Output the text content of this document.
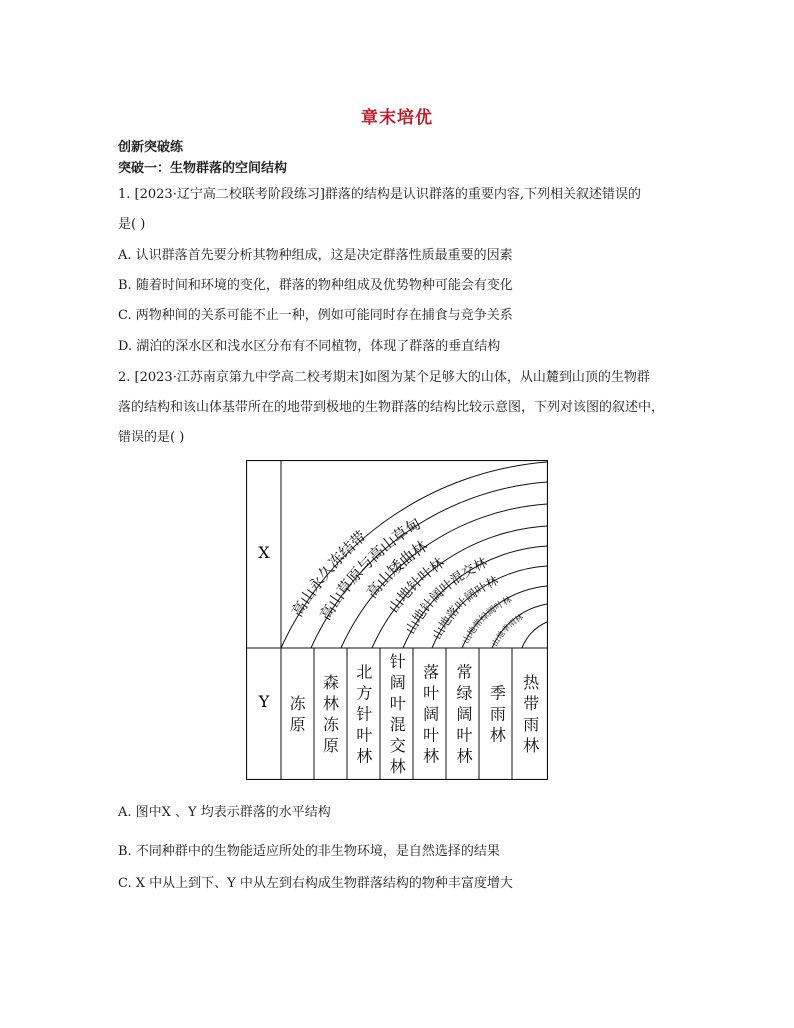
章末培优
创新突破练
突破一：生物群落的空间结构
1. [2023·辽宁高二校联考阶段练习]群落的结构是认识群落的重要内容,下列相关叙述错误的
是( )
A. 认识群落首先要分析其物种组成，这是决定群落性质最重要的因素
B. 随着时间和环境的变化，群落的物种组成及优势物种可能会有变化
C. 两物种间的关系可能不止一种，例如可能同时存在捕食与竞争关系
D. 湖泊的深水区和浅水区分布有不同植物，体现了群落的垂直结构
2. [2023·江苏南京第九中学高二校考期末]如图为某个足够大的山体，从山麓到山顶的生物群
落的结构和该山体基带所在的地带到极地的生物群落的结构比较示意图，下列对该图的叙述中，
错误的是( )
高山永久冻结带
高山草原与高山草甸
高山矮曲林
山地针叶林
山地针阔叶混交林
山地落叶阔叶林
山地常绿阔叶林
山地季雨林
X
Y 冻原
森林冻原
北方针叶林
针阔叶混交林
落叶阔叶林
常绿阔叶林
季雨林
热带雨林
A. 图中X 、Y 均表示群落的水平结构
B. 不同种群中的生物能适应所处的非生物环境，是自然选择的结果
C. X 中从上到下、Y 中从左到右构成生物群落结构的物种丰富度增大
